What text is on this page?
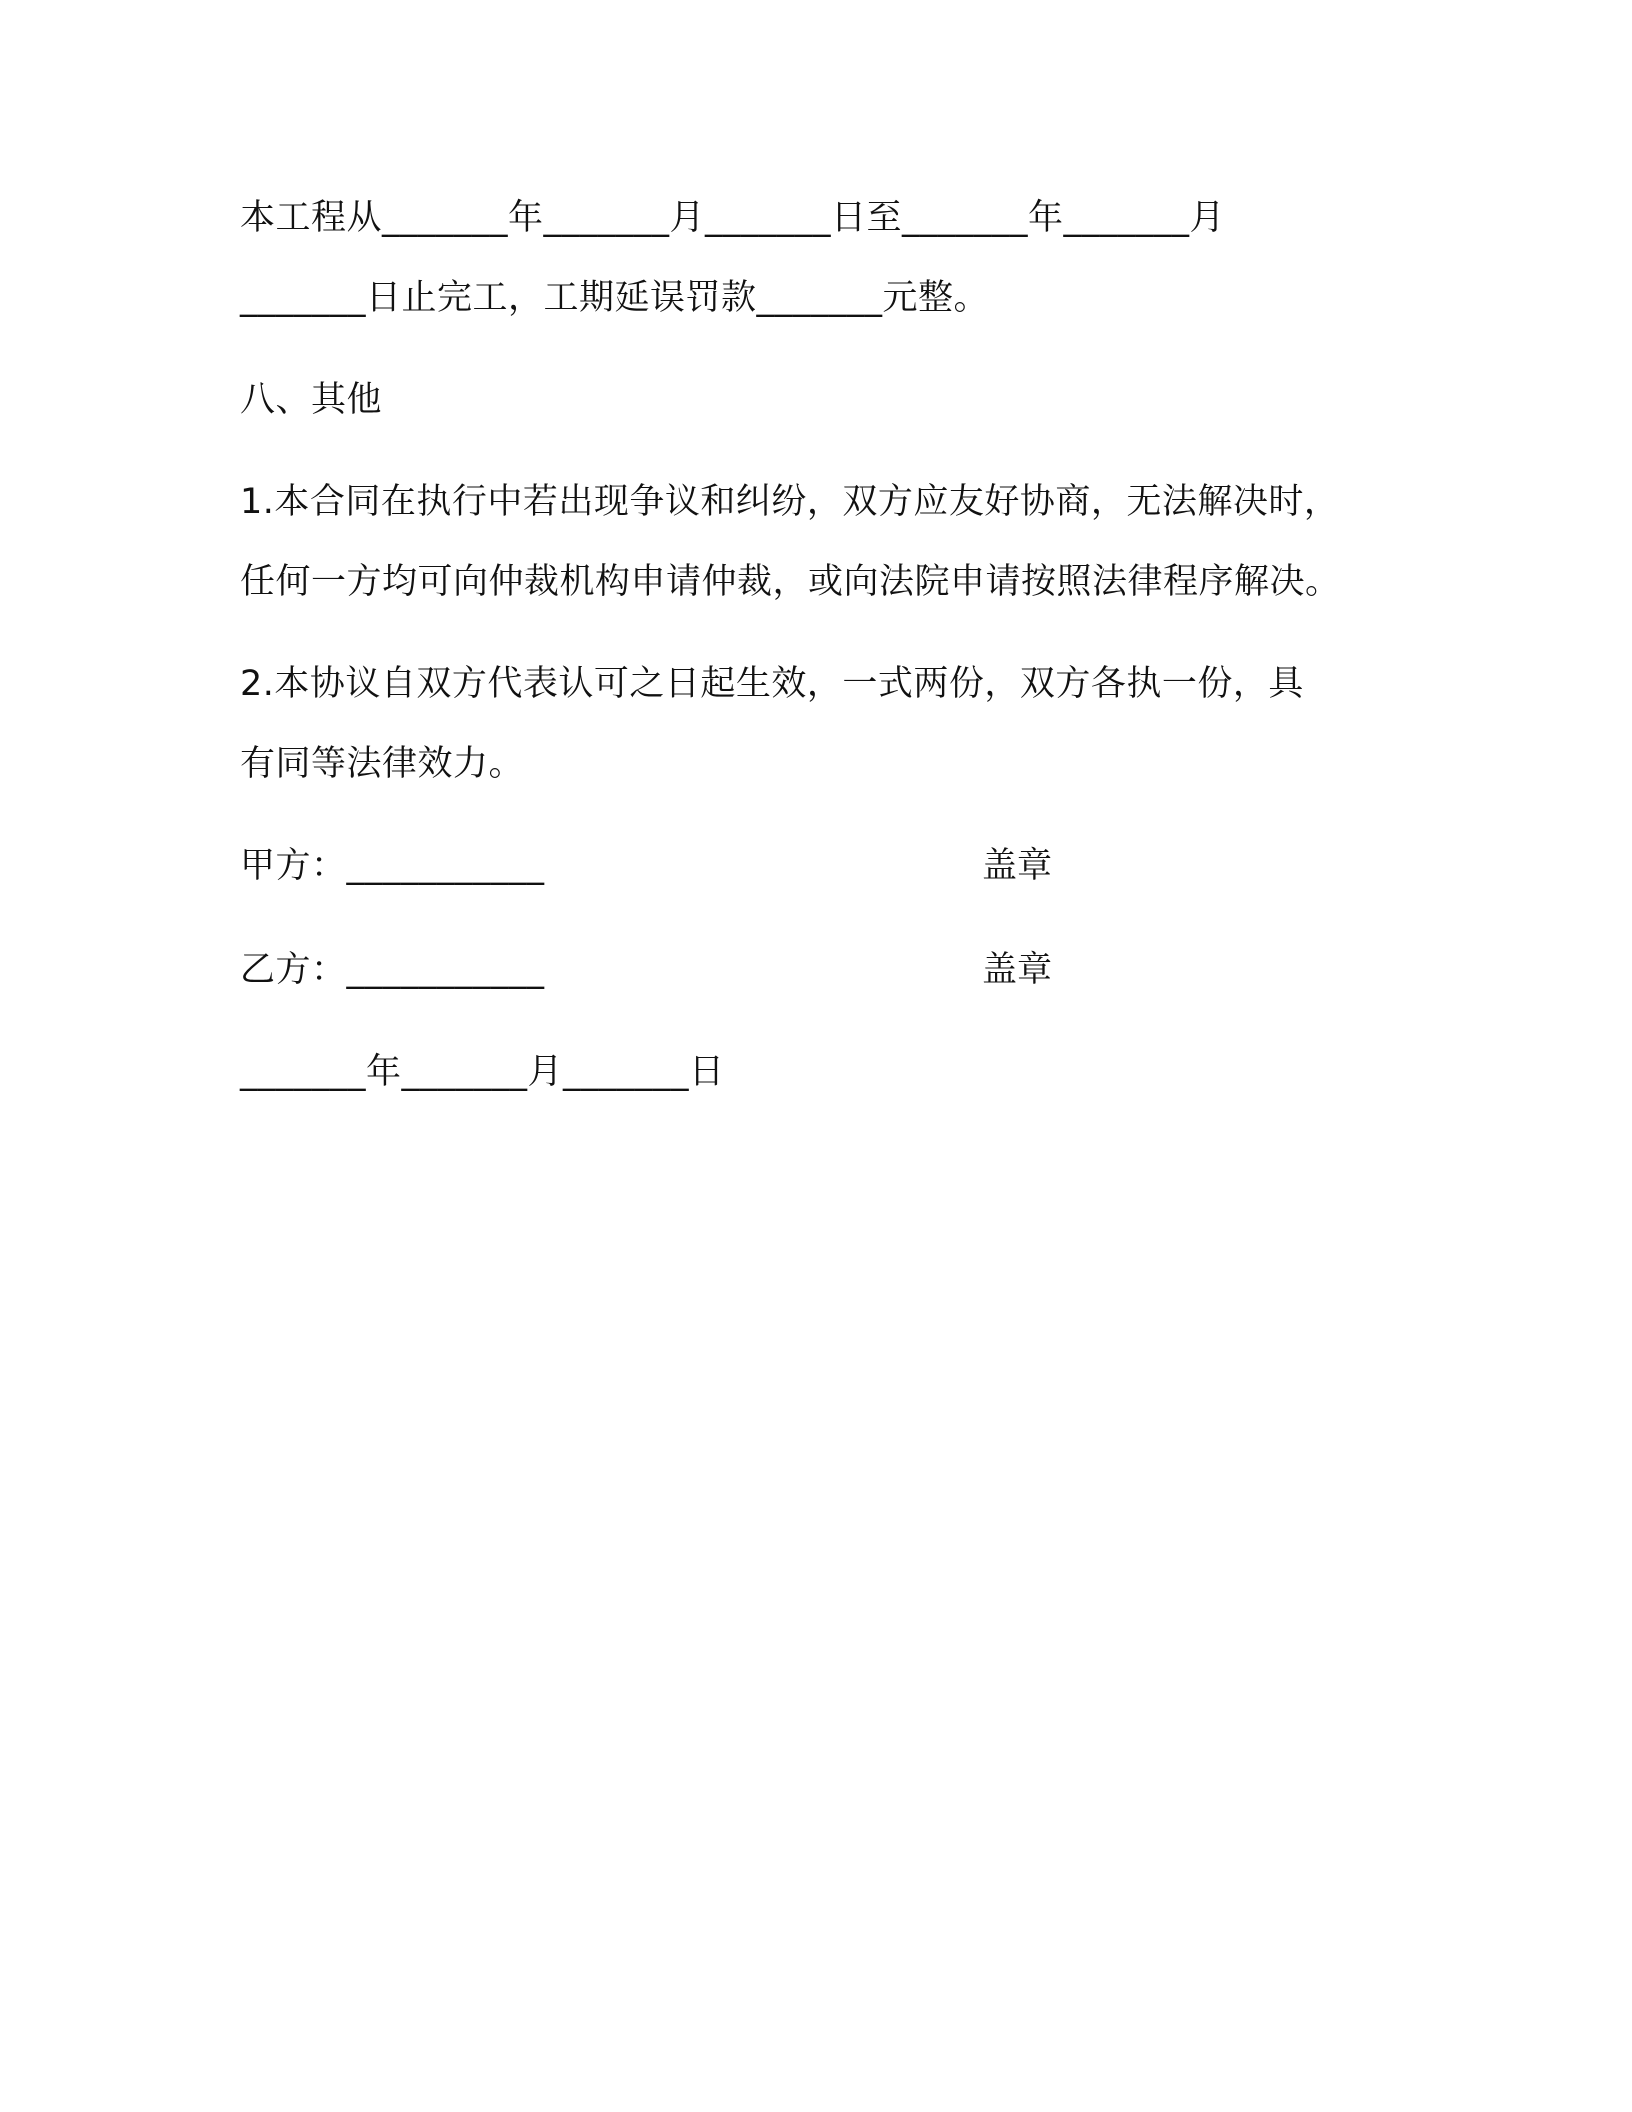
本工程从_______年_______月_______日至_______年_______月
_______日止完工，工期延误罚款_______元整。
八、其他
1.本合同在执行中若出现争议和纠纷，双方应友好协商，无法解决时，
任何一方均可向仲裁机构申请仲裁，或向法院申请按照法律程序解决。
2.本协议自双方代表认可之日起生效，一式两份，双方各执一份，具
有同等法律效力。
甲方：___________	盖章
乙方：___________	盖章
_______年_______月_______日
